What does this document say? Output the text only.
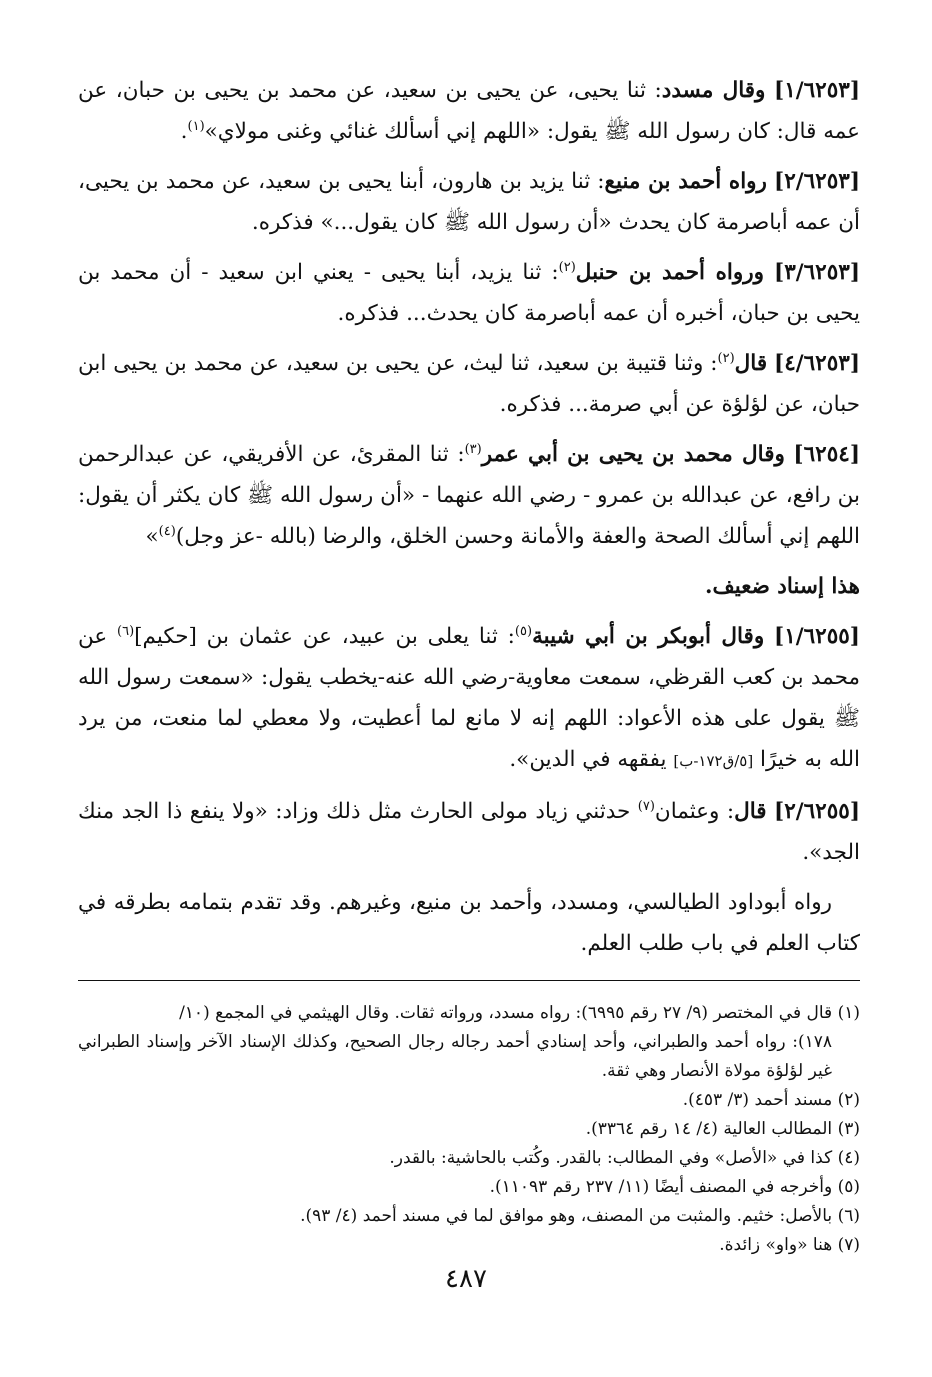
[١/٦٢٥٣] وقال مسدد: ثنا يحيى، عن يحيى بن سعيد، عن محمد بن يحيى بن حبان، عن عمه قال: كان رسول الله ﷺ يقول: «اللهم إني أسألك غنائي وغنى مولاي»$^{(١)}$.

[٢/٦٢٥٣] رواه أحمد بن منيع: ثنا يزيد بن هارون، أبنا يحيى بن سعيد، عن محمد بن يحيى، أن عمه أباصرمة كان يحدث «أن رسول الله ﷺ كان يقول...» فذكره.

[٣/٦٢٥٣] ورواه أحمد بن حنبل$^{(٢)}$: ثنا يزيد، أبنا يحيى - يعني ابن سعيد - أن محمد بن يحيى بن حبان، أخبره أن عمه أباصرمة كان يحدث... فذكره.

[٤/٦٢٥٣] قال$^{(٢)}$: وثنا قتيبة بن سعيد، ثنا ليث، عن يحيى بن سعيد، عن محمد بن يحيى ابن حبان، عن لؤلؤة عن أبي صرمة... فذكره.

[٦٢٥٤] وقال محمد بن يحيى بن أبي عمر$^{(٣)}$: ثنا المقرئ، عن الأفريقي، عن عبدالرحمن بن رافع، عن عبدالله بن عمرو - رضي الله عنهما - «أن رسول الله ﷺ كان يكثر أن يقول: اللهم إني أسألك الصحة والعفة والأمانة وحسن الخلق، والرضا (بالله -عز وجل)$^{(٤)}$»

هذا إسناد ضعيف.

[١/٦٢٥٥] وقال أبوبكر بن أبي شيبة$^{(٥)}$: ثنا يعلى بن عبيد، عن عثمان بن [حكيم]$^{(٦)}$ عن محمد بن كعب القرظي، سمعت معاوية-رضي الله عنه-يخطب يقول: «سمعت رسول الله ﷺ يقول على هذه الأعواد: اللهم إنه لا مانع لما أعطيت، ولا معطي لما منعت، من يرد الله به خيرًا [٥/ق١٧٢-ب] يفقهه في الدين».

[٢/٦٢٥٥] قال: وعثمان$^{(٧)}$ حدثني زياد مولى الحارث مثل ذلك وزاد: «ولا ينفع ذا الجد منك الجد».

رواه أبوداود الطيالسي، ومسدد، وأحمد بن منيع، وغيرهم. وقد تقدم بتمامه بطرقه في كتاب العلم في باب طلب العلم.

(١) قال في المختصر (٩/ ٢٧ رقم ٦٩٩٥): رواه مسدد، ورواته ثقات. وقال الهيثمي في المجمع (١٠/
١٧٨): رواه أحمد والطبراني، وأحد إسنادي أحمد رجاله رجال الصحيح، وكذلك الإسناد الآخر وإسناد الطبراني غير لؤلؤة مولاة الأنصار وهي ثقة.

(٢) مسند أحمد (٣/ ٤٥٣).

(٣) المطالب العالية (٤/ ١٤ رقم ٣٣٦٤).

(٤) كذا في «الأصل» وفي المطالب: بالقدر. وكُتب بالحاشية: بالقدر.

(٥) وأخرجه في المصنف أيضًا (١١/ ٢٣٧ رقم ١١٠٩٣).

(٦) بالأصل: خثيم. والمثبت من المصنف، وهو موافق لما في مسند أحمد (٤/ ٩٣).

(٧) هنا «واو» زائدة.

٤٨٧
